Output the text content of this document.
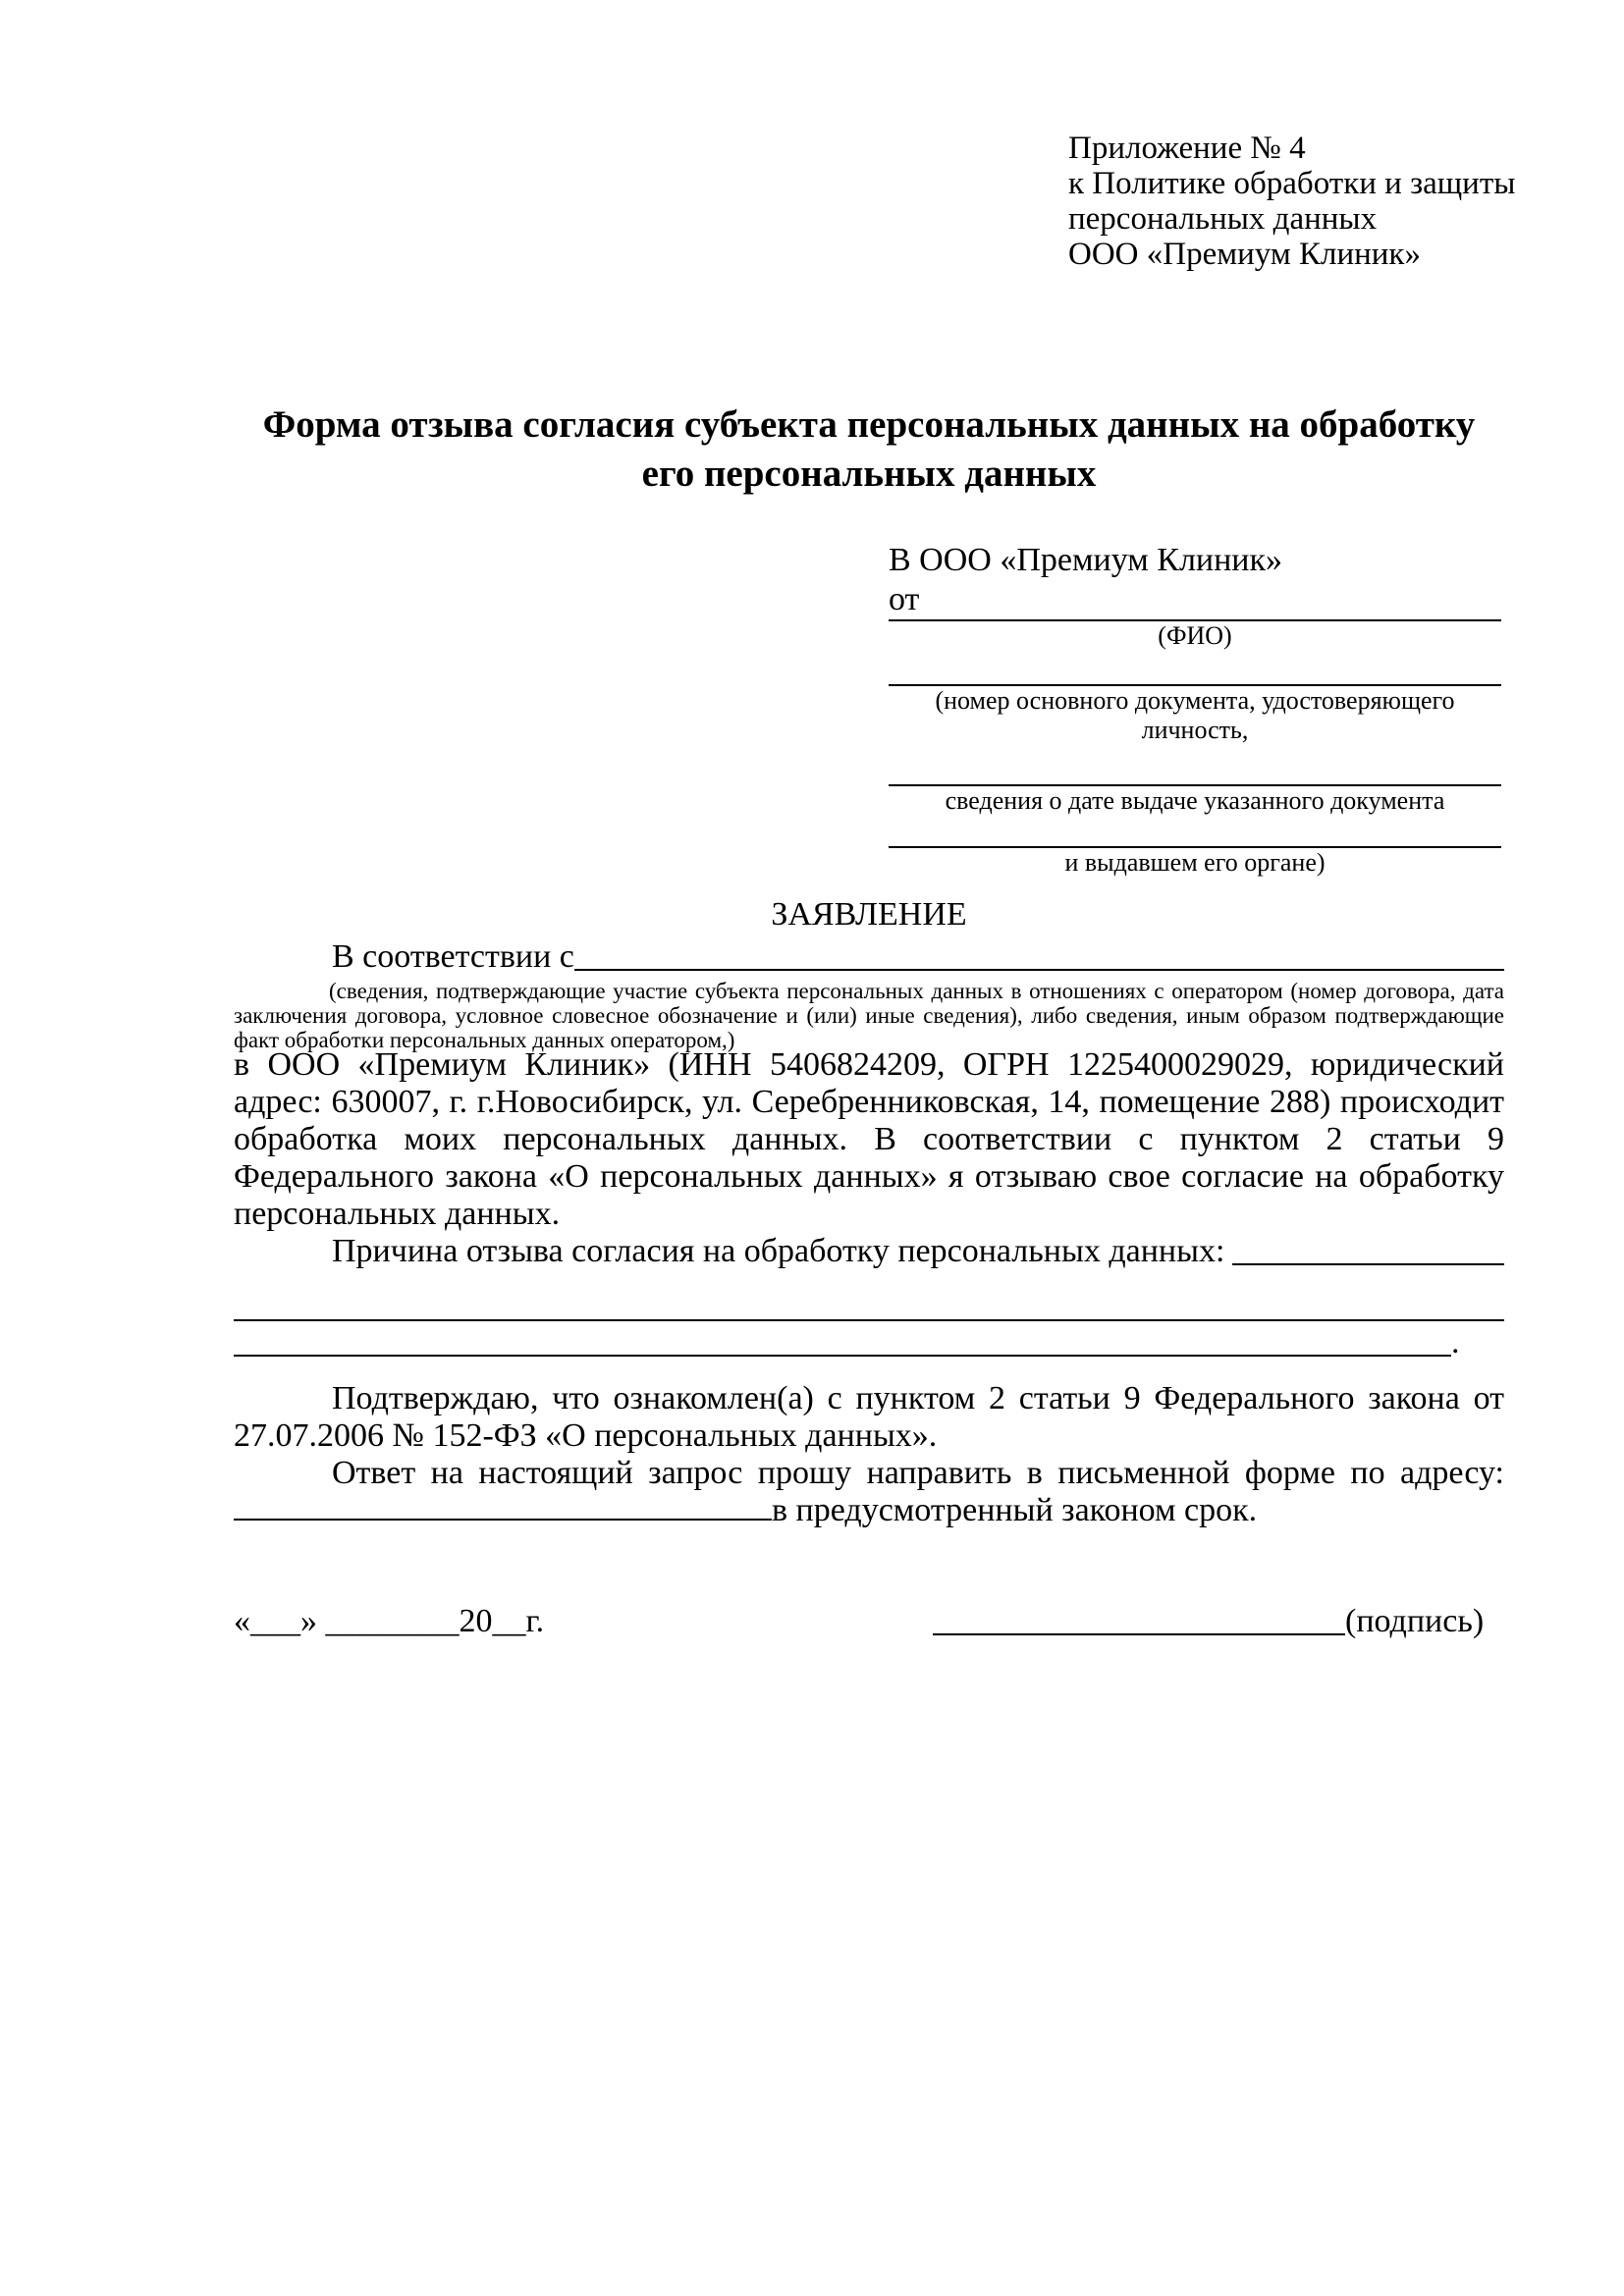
Приложение № 4
к Политике обработки и защиты
персональных данных
ООО «Премиум Клиник»
Форма отзыва согласия субъекта персональных данных на обработку его персональных данных
В ООО «Премиум Клиник»
от
(ФИО)
(номер основного документа, удостоверяющего личность,
сведения о дате выдаче указанного документа
и выдавшем его органе)
ЗАЯВЛЕНИЕ
В соответствии с
(сведения, подтверждающие участие субъекта персональных данных в отношениях с оператором (номер договора, дата заключения договора, условное словесное обозначение и (или) иные сведения), либо сведения, иным образом подтверждающие факт обработки персональных данных оператором,)

в ООО «Премиум Клиник» (ИНН 5406824209, ОГРН 1225400029029, юридический адрес: 630007, г. г.Новосибирск, ул. Серебренниковская, 14, помещение 288) происходит обработка моих персональных данных. В соответствии с пунктом 2 статьи 9 Федерального закона «О персональных данных» я отзываю свое согласие на обработку персональных данных.

Причина отзыва согласия на обработку персональных данных:
.

Подтверждаю, что ознакомлен(а) с пунктом 2 статьи 9 Федерального закона от 27.07.2006 № 152-ФЗ «О персональных данных».

Ответ на настоящий запрос прошу направить в письменной форме по адресу: в предусмотренный законом срок.

«___» ________20__г.	(подпись)
